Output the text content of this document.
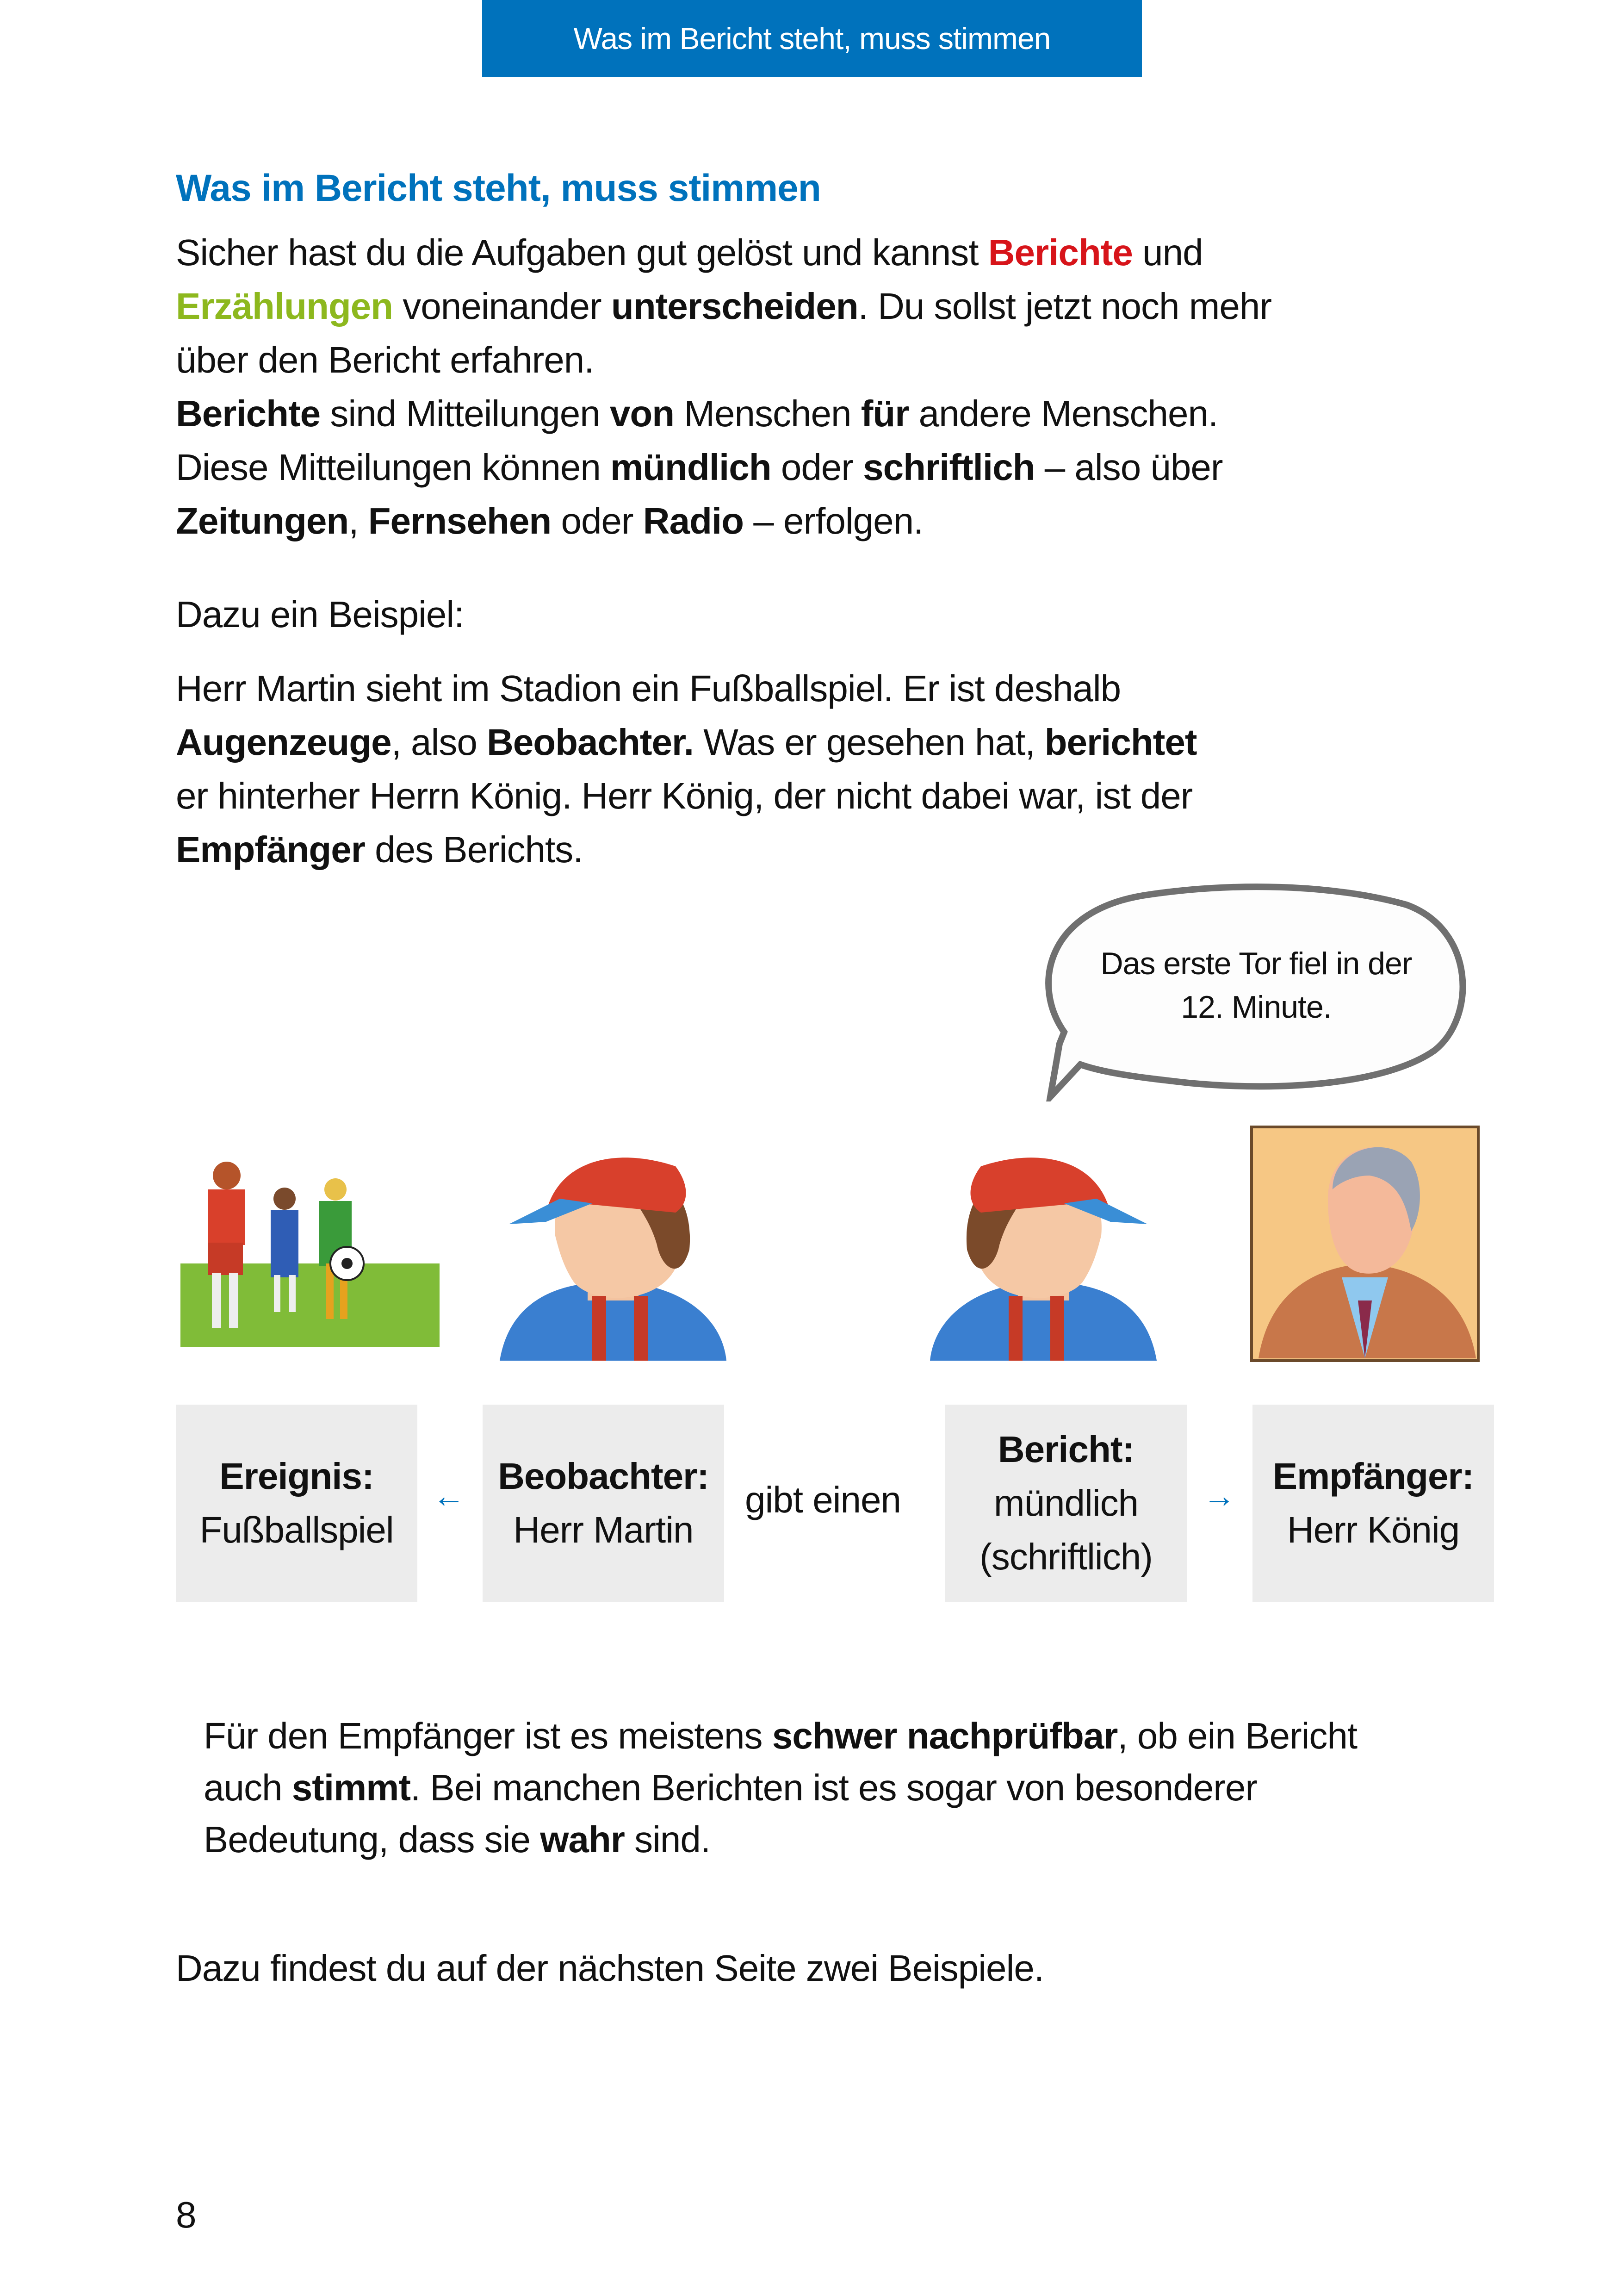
Was im Bericht steht, muss stimmen
Was im Bericht steht, muss stimmen
Sicher hast du die Aufgaben gut gelöst und kannst Berichte und
Erzählungen voneinander unterscheiden. Du sollst jetzt noch mehr
über den Bericht erfahren.
Berichte sind Mitteilungen von Menschen für andere Menschen.
Diese Mitteilungen können mündlich oder schriftlich – also über
Zeitungen, Fernsehen oder Radio – erfolgen.
Dazu ein Beispiel:
Herr Martin sieht im Stadion ein Fußballspiel. Er ist deshalb
Augenzeuge, also Beobachter. Was er gesehen hat, berichtet
er hinterher Herrn König. Herr König, der nicht dabei war, ist der
Empfänger des Berichts.
Das erste Tor fiel in der
12. Minute.
Ereignis:
Fußballspiel
← Beobachter:
Herr Martin
gibt einen
Bericht:
mündlich
(schriftlich)
→ Empfänger:
Herr König
Für den Empfänger ist es meistens schwer nachprüfbar, ob ein Bericht
auch stimmt. Bei manchen Berichten ist es sogar von besonderer
Bedeutung, dass sie wahr sind.
Dazu findest du auf der nächsten Seite zwei Beispiele.
8
